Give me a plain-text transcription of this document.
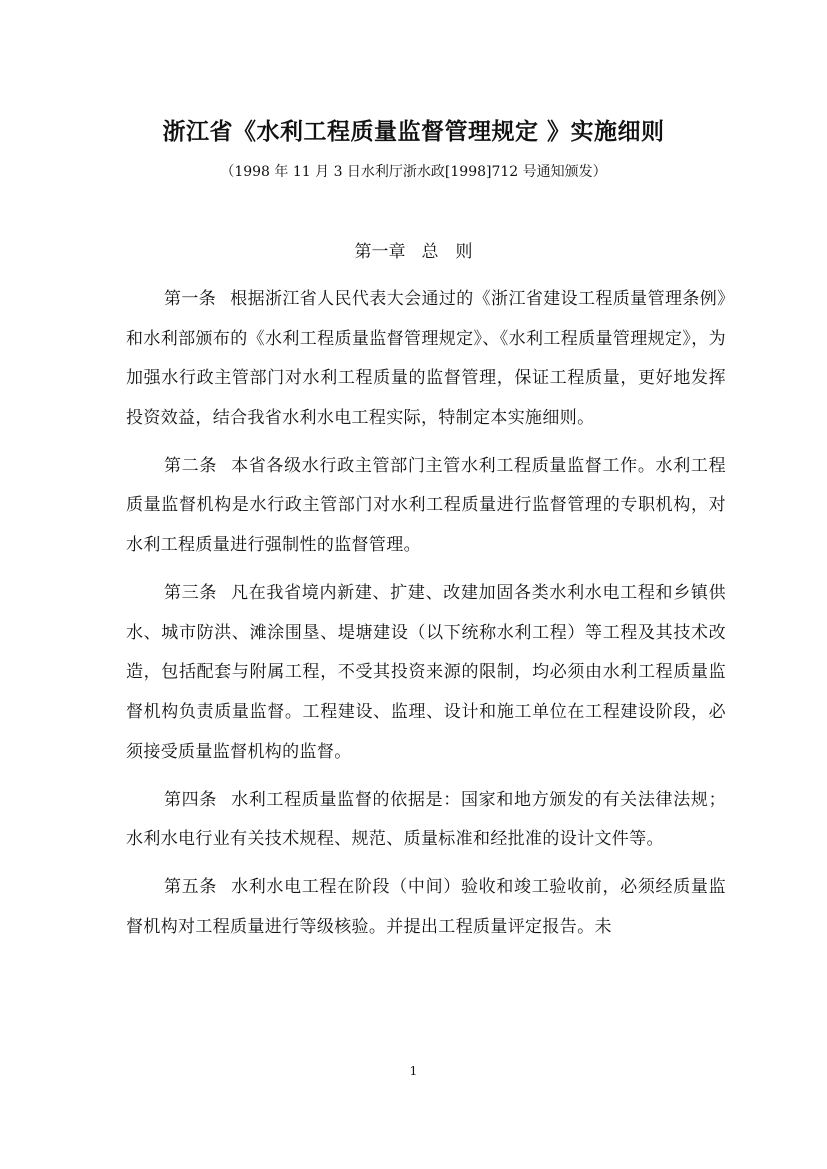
浙江省《水利工程质量监督管理规定 》实施细则
（1998 年 11 月 3 日水利厅浙水政[1998]712 号通知颁发）
第一章 总　则

第一条 根据浙江省人民代表大会通过的《浙江省建设工程质量管理条例》和水利部颁布的《水利工程质量监督管理规定》、《水利工程质量管理规定》，为加强水行政主管部门对水利工程质量的监督管理，保证工程质量，更好地发挥投资效益，结合我省水利水电工程实际，特制定本实施细则。

第二条 本省各级水行政主管部门主管水利工程质量监督工作。水利工程质量监督机构是水行政主管部门对水利工程质量进行监督管理的专职机构，对水利工程质量进行强制性的监督管理。

第三条 凡在我省境内新建、扩建、改建加固各类水利水电工程和乡镇供水、城市防洪、滩涂围垦、堤塘建设（以下统称水利工程）等工程及其技术改造，包括配套与附属工程，不受其投资来源的限制，均必须由水利工程质量监督机构负责质量监督。工程建设、监理、设计和施工单位在工程建设阶段，必须接受质量监督机构的监督。

第四条 水利工程质量监督的依据是：国家和地方颁发的有关法律法规；水利水电行业有关技术规程、规范、质量标准和经批准的设计文件等。

第五条 水利水电工程在阶段（中间）验收和竣工验收前，必须经质量监督机构对工程质量进行等级核验。并提出工程质量评定报告。未

1
